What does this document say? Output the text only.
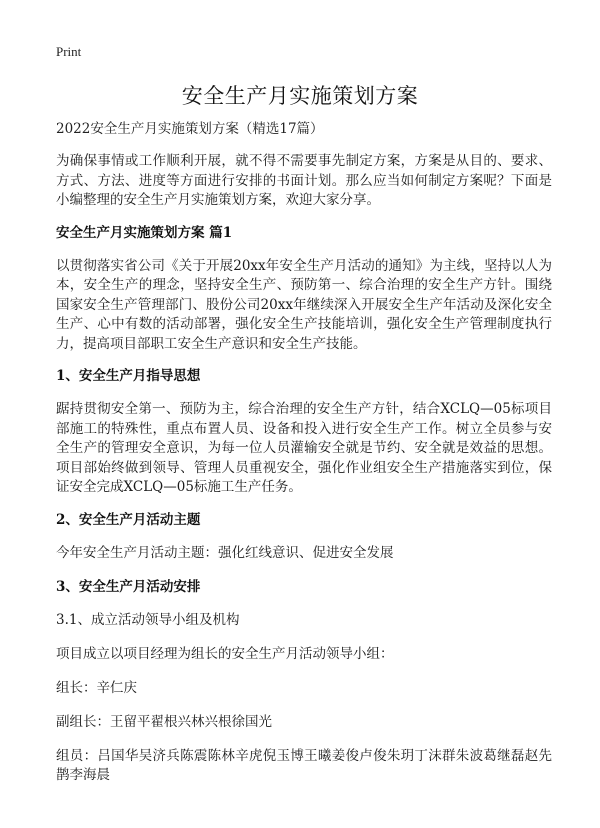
Print
安全生产月实施策划方案

2022安全生产月实施策划方案（精选17篇）

为确保事情或工作顺利开展，就不得不需要事先制定方案，方案是从目的、要求、方式、方法、进度等方面进行安排的书面计划。那么应当如何制定方案呢？下面是小编整理的安全生产月实施策划方案，欢迎大家分享。

安全生产月实施策划方案 篇1

以贯彻落实省公司《关于开展20xx年安全生产月活动的通知》为主线，坚持以人为本，安全生产的理念，坚持安全生产、预防第一、综合治理的安全生产方针。围绕国家安全生产管理部门、股份公司20xx年继续深入开展安全生产年活动及深化安全生产、心中有数的活动部署，强化安全生产技能培训，强化安全生产管理制度执行力，提高项目部职工安全生产意识和安全生产技能。

1、安全生产月指导思想

踞持贯彻安全第一、预防为主，综合治理的安全生产方针，结合XCLQ—05标项目部施工的特殊性，重点布置人员、设备和投入进行安全生产工作。树立全员参与安全生产的管理安全意识，为每一位人员灌输安全就是节约、安全就是效益的思想。项目部始终做到领导、管理人员重视安全，强化作业组安全生产措施落实到位，保证安全完成XCLQ—05标施工生产任务。

2、安全生产月活动主题

今年安全生产月活动主题：强化红线意识、促进安全发展

3、安全生产月活动安排

3.1、成立活动领导小组及机构

项目成立以项目经理为组长的安全生产月活动领导小组：

组长：辛仁庆

副组长：王留平翟根兴林兴根徐国光

组员：吕国华吴济兵陈震陈林辛虎倪玉博王曦姜俊卢俊朱玥丁沫群朱波葛继磊赵先鹊李海晨
